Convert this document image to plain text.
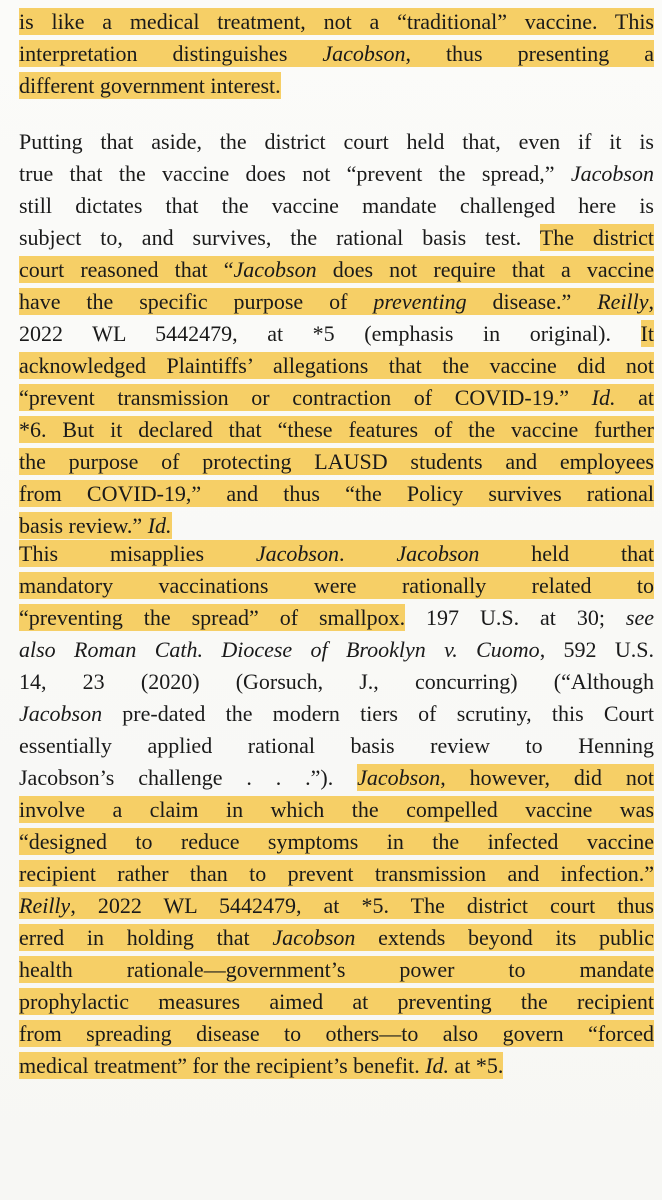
is like a medical treatment, not a “traditional” vaccine. This
interpretation distinguishes Jacobson, thus presenting a
different government interest.
Putting that aside, the district court held that, even if it is
true that the vaccine does not “prevent the spread,” Jacobson
still dictates that the vaccine mandate challenged here is
subject to, and survives, the rational basis test. The district
court reasoned that “Jacobson does not require that a vaccine
have the specific purpose of preventing disease.” Reilly,
2022 WL 5442479, at *5 (emphasis in original). It
acknowledged Plaintiffs’ allegations that the vaccine did not
“prevent transmission or contraction of COVID-19.” Id. at
*6. But it declared that “these features of the vaccine further
the purpose of protecting LAUSD students and employees
from COVID-19,” and thus “the Policy survives rational
basis review.” Id.
This misapplies Jacobson. Jacobson held that
mandatory vaccinations were rationally related to
“preventing the spread” of smallpox. 197 U.S. at 30; see
also Roman Cath. Diocese of Brooklyn v. Cuomo, 592 U.S.
14, 23 (2020) (Gorsuch, J., concurring) (“Although
Jacobson pre-dated the modern tiers of scrutiny, this Court
essentially applied rational basis review to Henning
Jacobson’s challenge . . .”). Jacobson, however, did not
involve a claim in which the compelled vaccine was
“designed to reduce symptoms in the infected vaccine
recipient rather than to prevent transmission and infection.”
Reilly, 2022 WL 5442479, at *5. The district court thus
erred in holding that Jacobson extends beyond its public
health rationale—government’s power to mandate
prophylactic measures aimed at preventing the recipient
from spreading disease to others—to also govern “forced
medical treatment” for the recipient’s benefit. Id. at *5.
